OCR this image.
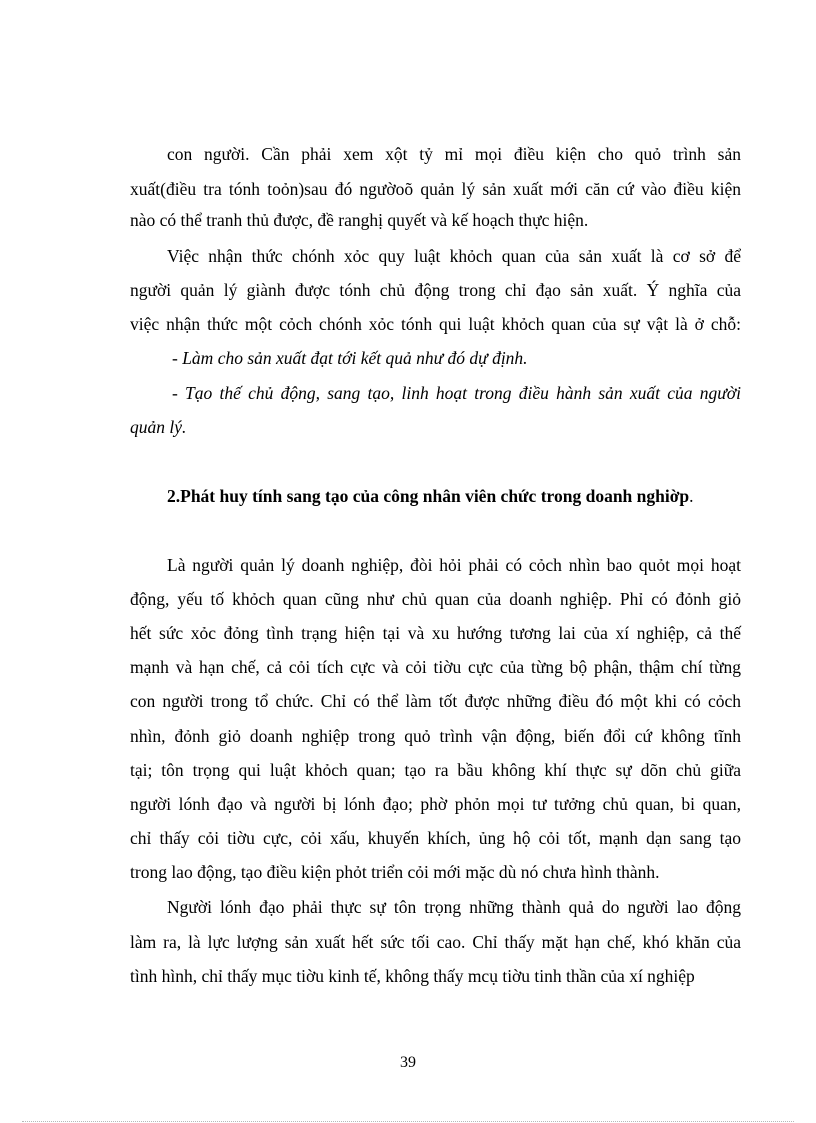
con người. Cần phải xem xột tỷ mỉ mọi điều kiện cho quỏ trình sản
xuất(điều tra tónh toỏn)sau đó ngườoõ quản lý sản xuất mới căn cứ vào điều kiện
nào có thể tranh thủ được, đề ranghị quyết và kế hoạch thực hiện.
Việc nhận thức chónh xỏc quy luật khỏch quan của sản xuất là cơ sở để
người quản lý giành được tónh chủ động trong chỉ đạo sản xuất. Ý nghĩa của
việc nhận thức một cỏch chónh xỏc tónh qui luật khỏch quan của sự vật là ở chỗ:
- Làm cho sản xuất đạt tới kết quả như đó dự định.
- Tạo thế chủ động, sang tạo, linh hoạt trong điều hành sản xuất của người
quản lý.
2.Phát huy tính sang tạo của công nhân viên chức trong doanh nghiờp.
Là người quản lý doanh nghiệp, đòi hỏi phải có cỏch nhìn bao quỏt mọi hoạt
động, yếu tố khỏch quan cũng như chủ quan của doanh nghiệp. Phỉ có đỏnh giỏ
hết sức xỏc đỏng tình trạng hiện tại và xu hướng tương lai của xí nghiệp, cả thế
mạnh và hạn chế, cả cỏi tích cực và cỏi tiờu cực của từng bộ phận, thậm chí từng
con người trong tổ chức. Chỉ có thể làm tốt được những điều đó một khi có cỏch
nhìn, đỏnh giỏ doanh nghiệp trong quỏ trình vận động, biến đổi cứ không tĩnh
tại; tôn trọng qui luật khỏch quan; tạo ra bầu không khí thực sự dõn chủ giữa
người lónh đạo và người bị lónh đạo; phờ phỏn mọi tư tưởng chủ quan, bi quan,
chỉ thấy cỏi tiờu cực, cỏi xấu, khuyến khích, ủng hộ cỏi tốt, mạnh dạn sang tạo
trong lao động, tạo điều kiện phỏt triển cỏi mới mặc dù nó chưa hình thành.
Người lónh đạo phải thực sự tôn trọng những thành quả do người lao động
làm ra, là lực lượng sản xuất hết sức tối cao. Chỉ thấy mặt hạn chế, khó khăn của
tình hình, chỉ thấy mục tiờu kinh tế, không thấy mcụ tiờu tinh thần của xí nghiệp
39
